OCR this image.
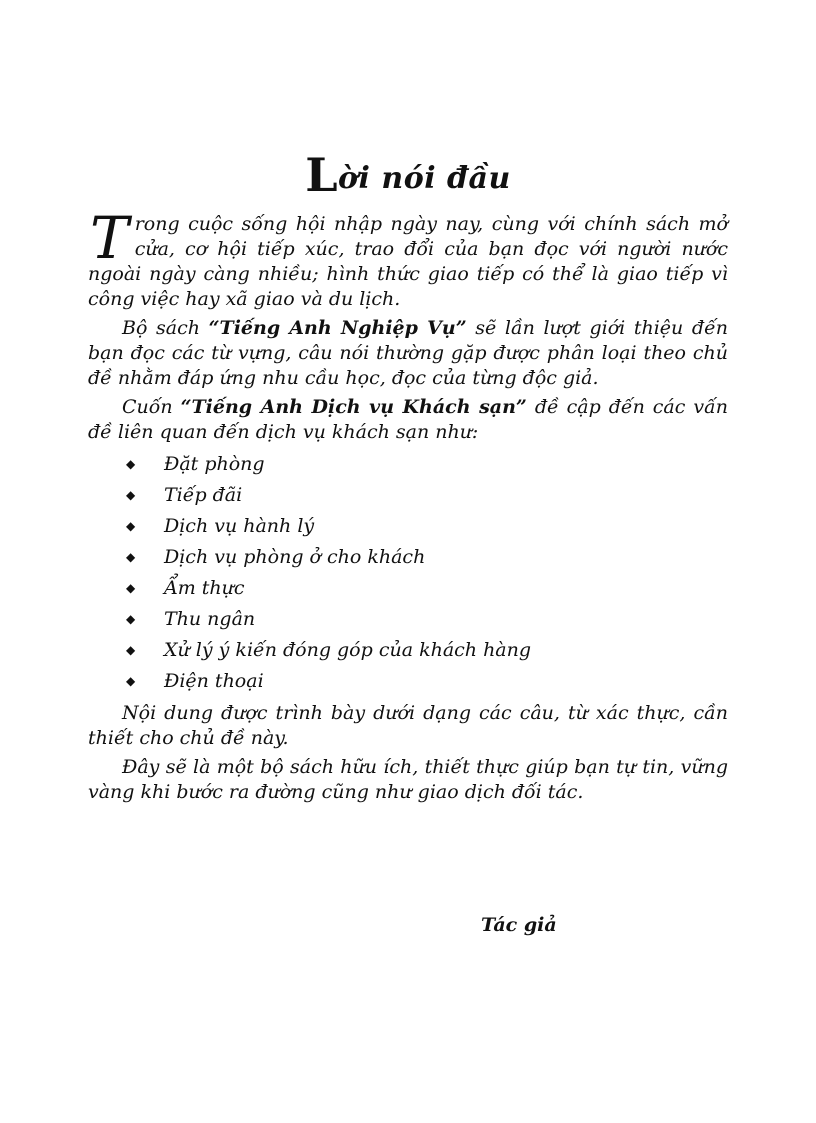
Lời nói đầu

Trong cuộc sống hội nhập ngày nay, cùng với chính sách mở cửa, cơ hội tiếp xúc, trao đổi của bạn đọc với người nước ngoài ngày càng nhiều; hình thức giao tiếp có thể là giao tiếp vì công việc hay xã giao và du lịch.

Bộ sách “Tiếng Anh Nghiệp Vụ” sẽ lần lượt giới thiệu đến bạn đọc các từ vựng, câu nói thường gặp được phân loại theo chủ đề nhằm đáp ứng nhu cầu học, đọc của từng độc giả.

Cuốn “Tiếng Anh Dịch vụ Khách sạn” đề cập đến các vấn đề liên quan đến dịch vụ khách sạn như:

◆ Đặt phòng
◆ Tiếp đãi
◆ Dịch vụ hành lý
◆ Dịch vụ phòng ở cho khách
◆ Ẩm thực
◆ Thu ngân
◆ Xử lý ý kiến đóng góp của khách hàng
◆ Điện thoại

Nội dung được trình bày dưới dạng các câu, từ xác thực, cần thiết cho chủ đề này.

Đây sẽ là một bộ sách hữu ích, thiết thực giúp bạn tự tin, vững vàng khi bước ra đường cũng như giao dịch đối tác.

Tác giả
